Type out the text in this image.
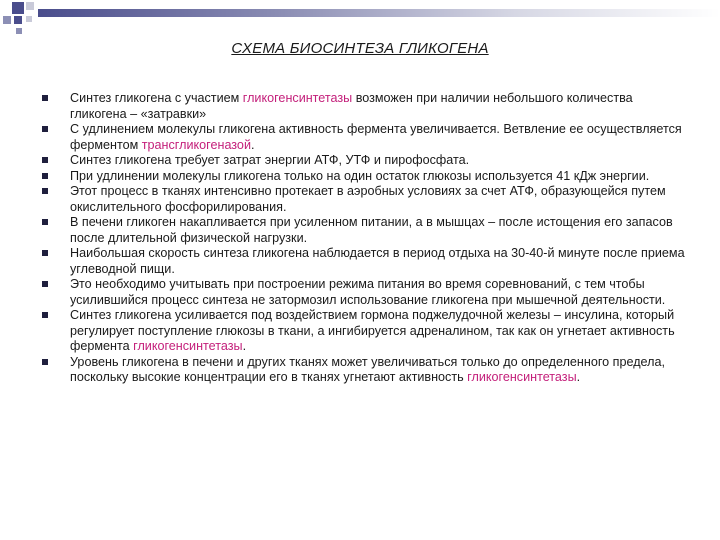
СХЕМА БИОСИНТЕЗА ГЛИКОГЕНА
Синтез гликогена с участием гликогенсинтетазы возможен при наличии небольшого количества гликогена – «затравки»
С удлинением молекулы гликогена активность фермента увеличивается. Ветвление ее осуществляется ферментом трансгликогеназой.
Синтез гликогена требует затрат энергии АТФ, УТФ и пирофосфата.
При удлинении молекулы гликогена только на один остаток глюкозы используется 41 кДж энергии.
Этот процесс в тканях интенсивно протекает в аэробных условиях за счет АТФ, образующейся путем окислительного фосфорилирования.
В печени гликоген накапливается при усиленном питании, а в мышцах – после истощения его запасов после длительной физической нагрузки.
Наибольшая скорость синтеза гликогена наблюдается в период отдыха на 30-40-й минуте после приема углеводной пищи.
Это необходимо учитывать при построении режима питания во время соревнований, с тем чтобы усилившийся процесс синтеза не затормозил использование гликогена при мышечной деятельности.
Синтез гликогена усиливается под воздействием гормона поджелудочной железы – инсулина, который регулирует поступление глюкозы в ткани, а ингибируется адреналином, так как он угнетает активность фермента гликогенсинтетазы.
Уровень гликогена в печени и других тканях может увеличиваться только до определенного предела, поскольку высокие концентрации его в тканях угнетают активность гликогенсинтетазы.
